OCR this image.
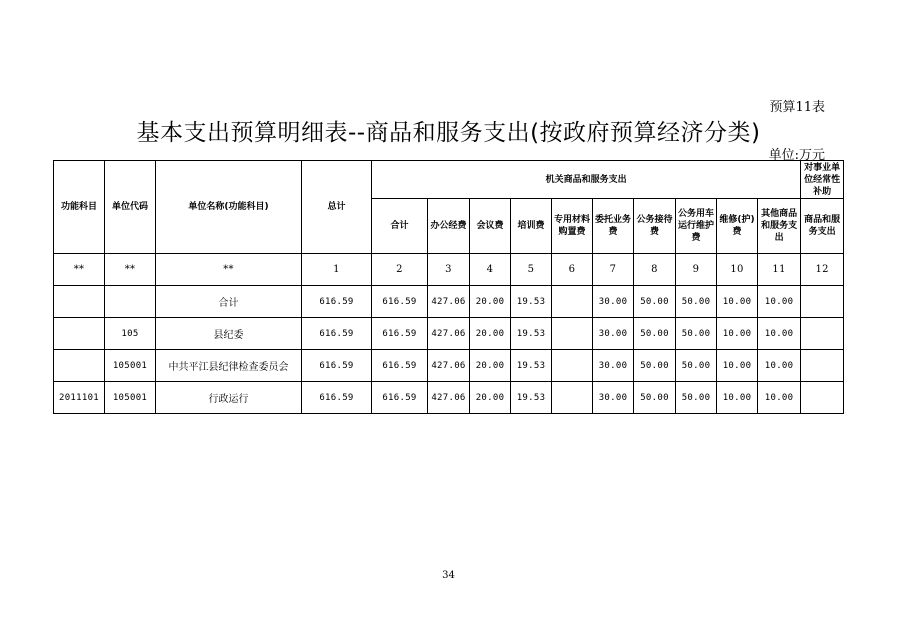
预算11表
基本支出预算明细表--商品和服务支出(按政府预算经济分类)
单位:万元
功能科目	单位代码	单位名称(功能科目)	总计	机关商品和服务支出										对事业单位经常性补助
				合计	办公经费	会议费	培训费	专用材料购置费	委托业务费	公务接待费	公务用车运行维护费	维修(护)费	其他商品和服务支出	商品和服务支出
**	**	**	1	2	3	4	5	6	7	8	9	10	11	12
		合计	616.59	616.59	427.06	20.00	19.53		30.00	50.00	50.00	10.00	10.00	
	105	县纪委	616.59	616.59	427.06	20.00	19.53		30.00	50.00	50.00	10.00	10.00	
	105001	中共平江县纪律检查委员会	616.59	616.59	427.06	20.00	19.53		30.00	50.00	50.00	10.00	10.00	
2011101	105001	行政运行	616.59	616.59	427.06	20.00	19.53		30.00	50.00	50.00	10.00	10.00	
34
